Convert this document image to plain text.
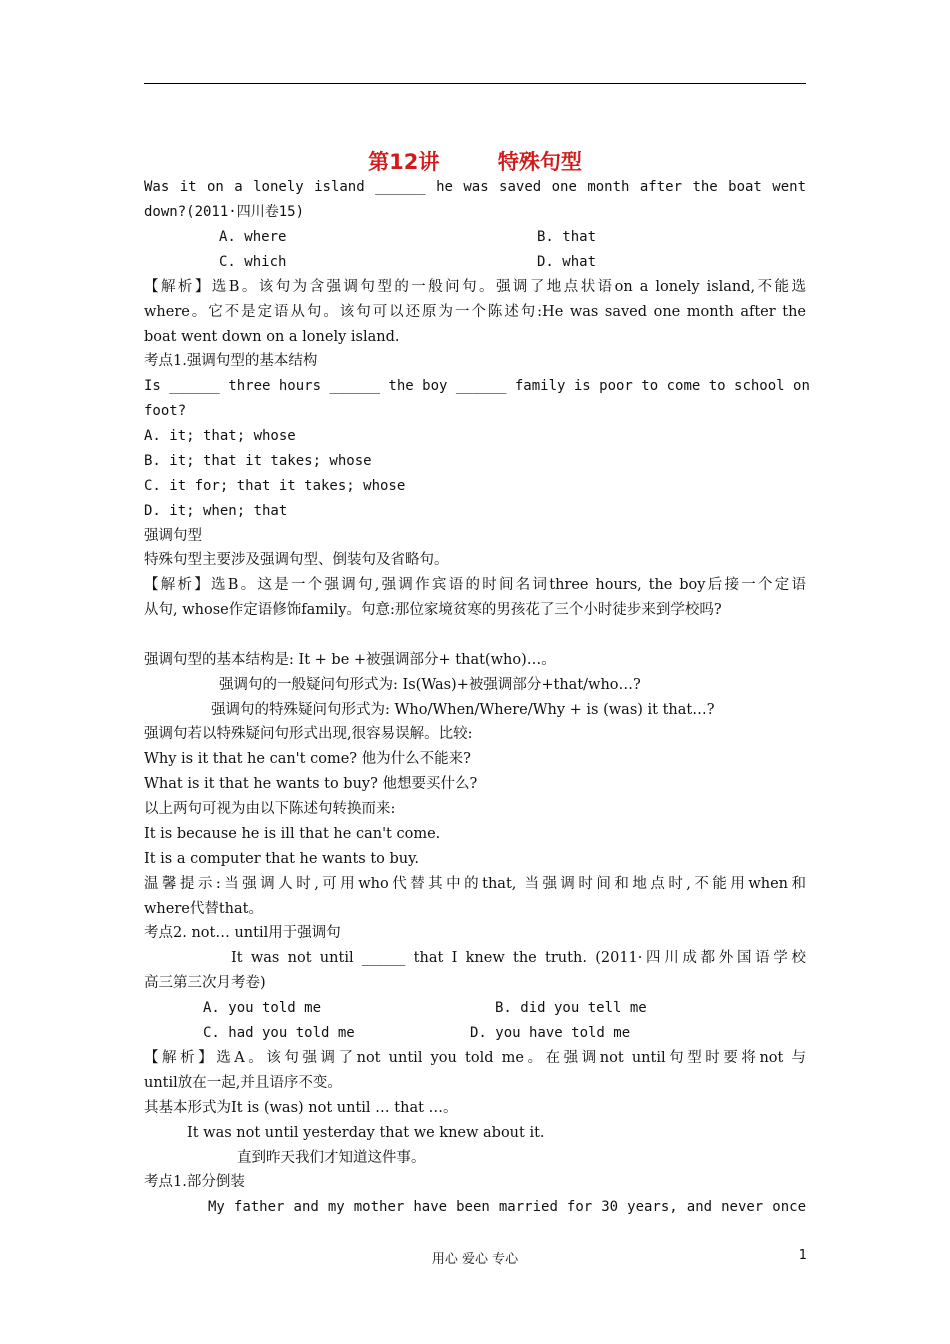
第12讲        特殊句型
Was it on a lonely island ______ he was saved one month after the boat went
down?(2011·四川卷15)
A. where	B. that
C. which	D. what
【解析】选B。该句为含强调句型的一般问句。强调了地点状语on a lonely island,不能选
where。它不是定语从句。该句可以还原为一个陈述句:He was saved one month after the
boat went down on a lonely island.
考点1.强调句型的基本结构
Is ______ three hours ______ the boy ______ family is poor to come to school on
foot?
A. it; that; whose
B. it; that it takes; whose
C. it for; that it takes; whose
D. it; when; that
强调句型
特殊句型主要涉及强调句型、倒装句及省略句。
【解析】选B。这是一个强调句,强调作宾语的时间名词three hours, the boy后接一个定语
从句, whose作定语修饰family。句意:那位家境贫寒的男孩花了三个小时徒步来到学校吗?
强调句型的基本结构是: It + be +被强调部分+ that(who)…。
强调句的一般疑问句形式为: Is(Was)+被强调部分+that/who…?
强调句的特殊疑问句形式为: Who/When/Where/Why + is (was) it that…?
强调句若以特殊疑问句形式出现,很容易误解。比较:
Why is it that he can't come? 他为什么不能来?
What is it that he wants to buy? 他想要买什么?
以上两句可视为由以下陈述句转换而来:
It is because he is ill that he can't come.
It is a computer that he wants to buy.
温馨提示:当强调人时,可用who代替其中的that, 当强调时间和地点时,不能用when和
where代替that。
考点2. not… until用于强调句
It was not until ______ that I knew the truth. (2011·四川成都外国语学校
高三第三次月考卷)
A. you told me	B. did you tell me
C. had you told me	D. you have told me
【解析】选A。该句强调了not until you told me。在强调not until句型时要将not 与
until放在一起,并且语序不变。
其基本形式为It is (was) not until … that …。
It was not until yesterday that we knew about it.
直到昨天我们才知道这件事。
考点1.部分倒装
My father and my mother have been married for 30 years, and never once
用心 爱心 专心	1
